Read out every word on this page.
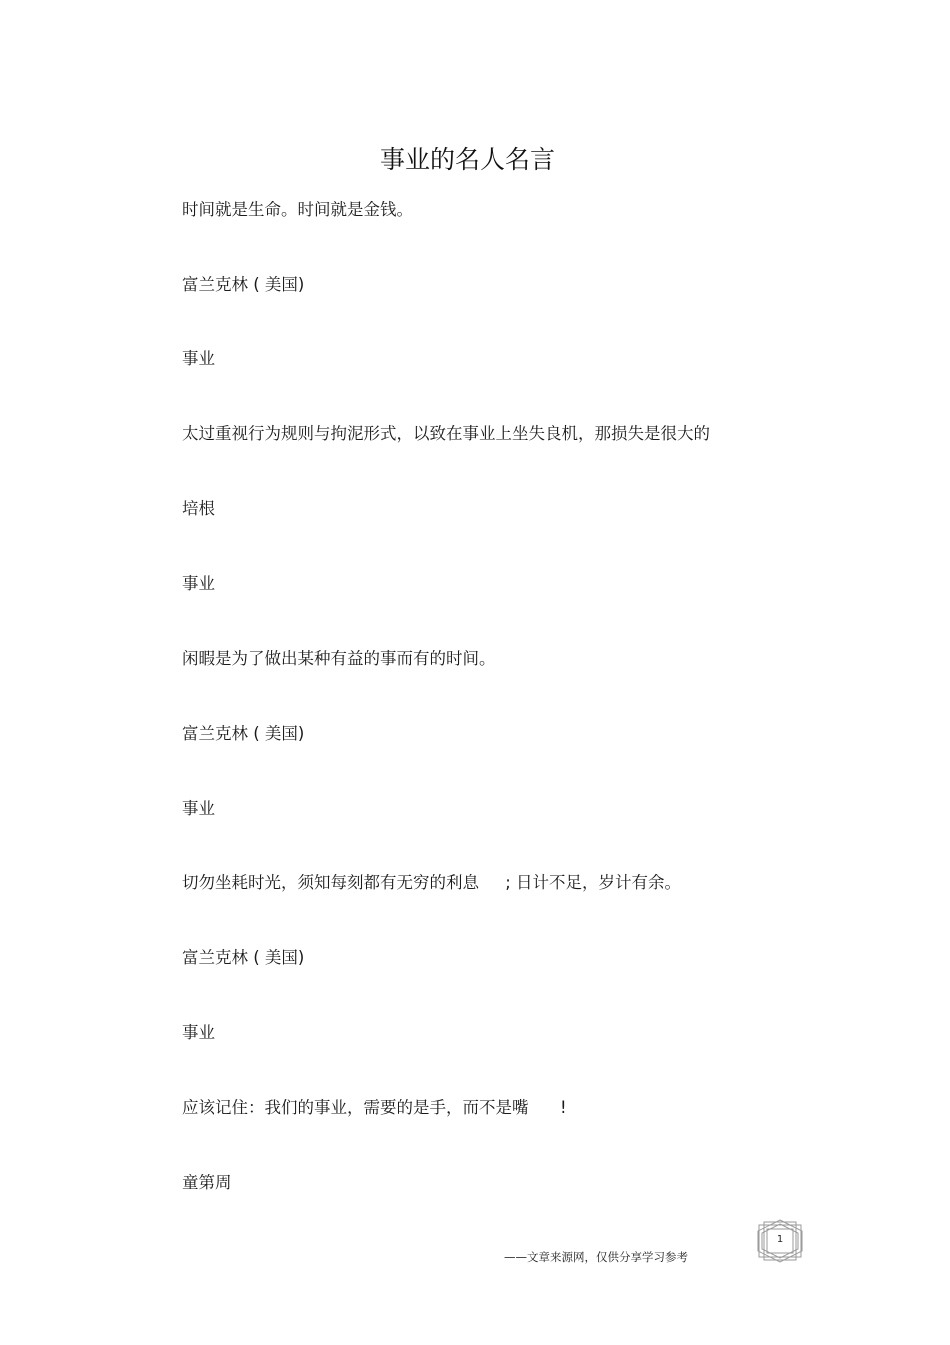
事业的名人名言
时间就是生命。时间就是金钱。
富兰克林 ( 美国)
事业
太过重视行为规则与拘泥形式，以致在事业上坐失良机，那损失是很大的
培根
事业
闲暇是为了做出某种有益的事而有的时间。
富兰克林 ( 美国)
事业
切勿坐耗时光，须知每刻都有无穷的利息     ; 日计不足，岁计有余。
富兰克林 ( 美国)
事业
应该记住：我们的事业，需要的是手，而不是嘴      !
童第周
——文章来源网，仅供分享学习参考
1
